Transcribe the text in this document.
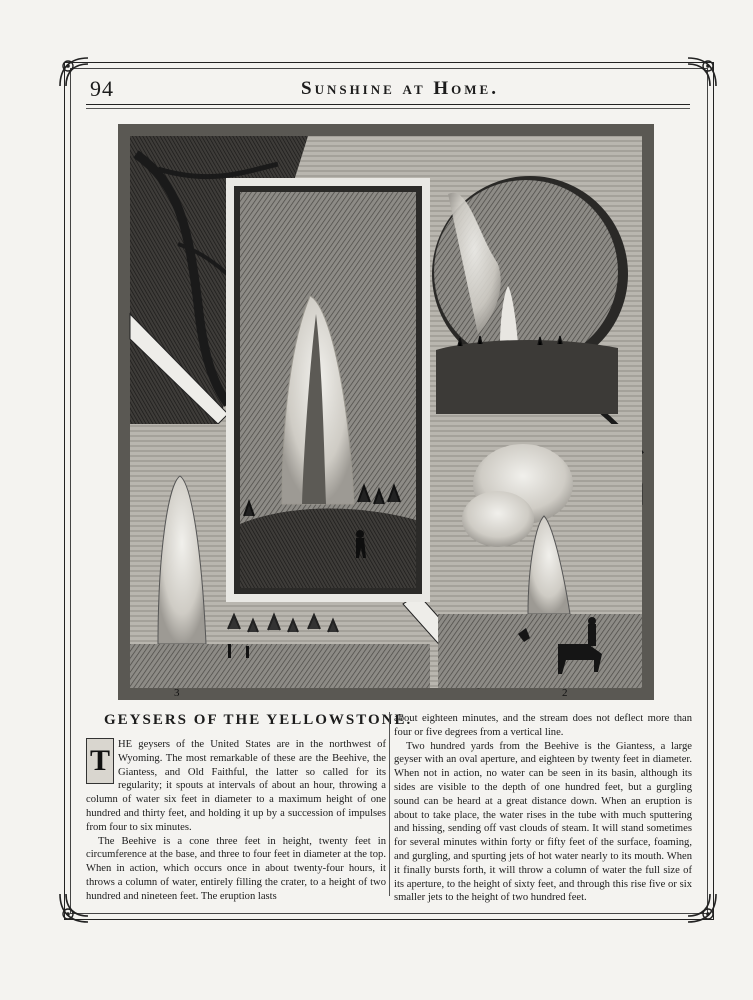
94	Sunshine at Home.
3	2
GEYSERS OF THE YELLOWSTONE.
T HE geysers of the United States are in the northwest of Wyoming. The most remarkable of these are the Beehive, the Giantess, and Old Faithful, the latter so called for its regularity; it spouts at intervals of about an hour, throwing a column of water six feet in diameter to a maximum height of one hundred and thirty feet, and holding it up by a succession of impulses from four to six minutes.

The Beehive is a cone three feet in height, twenty feet in circumference at the base, and three to four feet in diameter at the top. When in action, which occurs once in about twenty-four hours, it throws a column of water, entirely filling the crater, to a height of two hundred and nineteen feet. The eruption lasts

about eighteen minutes, and the stream does not deflect more than four or five degrees from a vertical line.

Two hundred yards from the Beehive is the Giantess, a large geyser with an oval aperture, and eighteen by twenty feet in diameter. When not in action, no water can be seen in its basin, although its sides are visible to the depth of one hundred feet, but a gurgling sound can be heard at a great distance down. When an eruption is about to take place, the water rises in the tube with much sputtering and hissing, sending off vast clouds of steam. It will stand sometimes for several minutes within forty or fifty feet of the surface, foaming, and gurgling, and spurting jets of hot water nearly to its mouth. When it finally bursts forth, it will throw a column of water the full size of its aperture, to the height of sixty feet, and through this rise five or six smaller jets to the height of two hundred feet.
